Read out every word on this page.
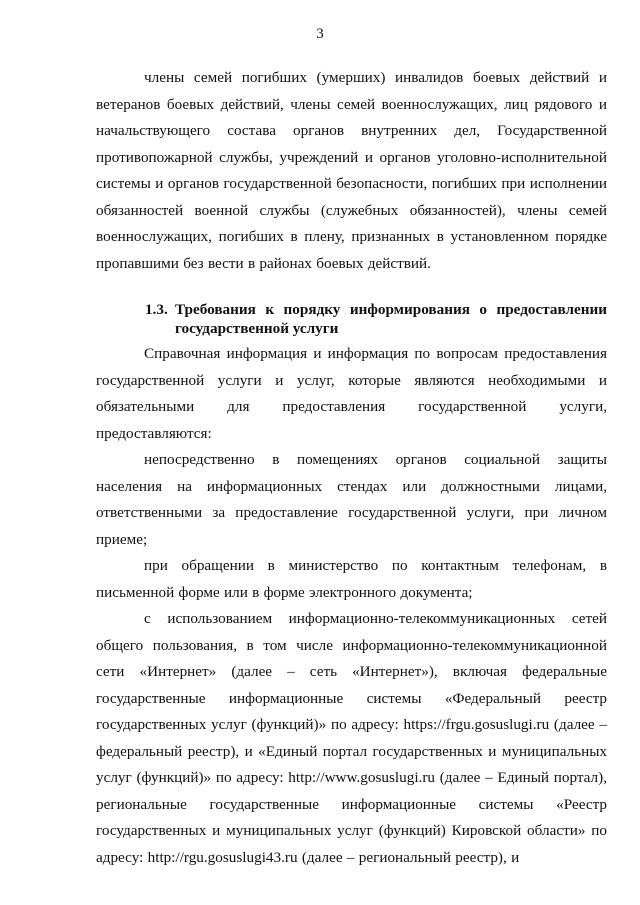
3

члены семей погибших (умерших) инвалидов боевых действий и ветеранов боевых действий, члены семей военнослужащих, лиц рядового и начальствующего состава органов внутренних дел, Государственной противопожарной службы, учреждений и органов уголовно-исполнительной системы и органов государственной безопасности, погибших при исполнении обязанностей военной службы (служебных обязанностей), члены семей военнослужащих, погибших в плену, признанных в установленном порядке пропавшими без вести в районах боевых действий.

1.3. Требования к порядку информирования о предоставлении государственной услуги

Справочная информация и информация по вопросам предоставления государственной услуги и услуг, которые являются необходимыми и обязательными для предоставления государственной услуги, предоставляются:

непосредственно в помещениях органов социальной защиты населения на информационных стендах или должностными лицами, ответственными за предоставление государственной услуги, при личном приеме;

при обращении в министерство по контактным телефонам, в письменной форме или в форме электронного документа;

с использованием информационно-телекоммуникационных сетей общего пользования, в том числе информационно-телекоммуникационной сети «Интернет» (далее – сеть «Интернет»), включая федеральные государственные информационные системы «Федеральный реестр государственных услуг (функций)» по адресу: https://frgu.gosuslugi.ru (далее – федеральный реестр), и «Единый портал государственных и муниципальных услуг (функций)» по адресу: http://www.gosuslugi.ru (далее – Единый портал), региональные государственные информационные системы «Реестр государственных и муниципальных услуг (функций) Кировской области» по адресу: http://rgu.gosuslugi43.ru (далее – региональный реестр), и
